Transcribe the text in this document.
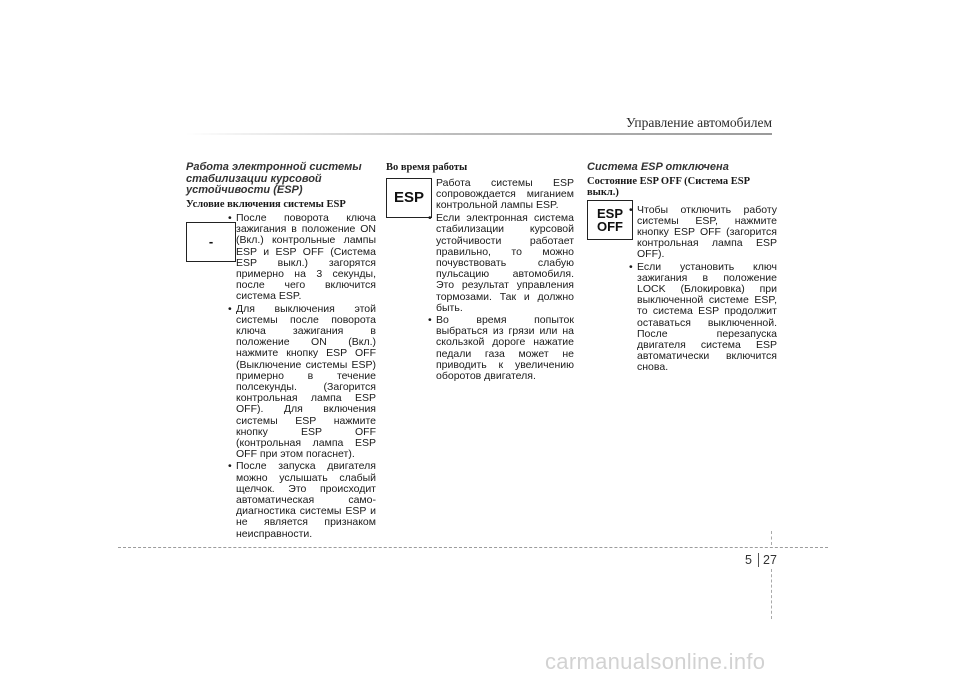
Управление автомобилем
Работа электронной системы стабилизации курсовой устойчивости (ESP)
Условие включения системы ESP
-
• После поворота ключа зажигания в положение ON (Вкл.) контрольные лампы ESP и ESP OFF (Система ESP выкл.) загорятся примерно на 3 секунды, после чего включится система ESP.
• Для выключения этой системы после поворота ключа зажигания в положение ON (Вкл.) нажмите кнопку ESP OFF (Выключение системы ESP) примерно в течение полсекунды. (Загорится контрольная лампа ESP OFF). Для включения системы ESP нажмите кнопку ESP OFF (контрольная лампа ESP OFF при этом погаснет).
• После запуска двигателя можно услышать слабый щелчок. Это происходит автоматическая само-диагностика системы ESP и не является признаком неисправности.
Во время работы
ESP
Работа системы ESP сопровождается миганием контрольной лампы ESP.
• Если электронная система стабилизации курсовой устойчивости работает правильно, то можно почувствовать слабую пульсацию автомобиля. Это результат управления тормозами. Так и должно быть.
• Во время попыток выбраться из грязи или на скользкой дороге нажатие педали газа может не приводить к увеличению оборотов двигателя.
Система ESP отключена
Состояние ESP OFF (Система ESP выкл.)
ESP
OFF
• Чтобы отключить работу системы ESP, нажмите кнопку ESP OFF (загорится контрольная лампа ESP OFF).
• Если установить ключ зажигания в положение LOCK (Блокировка) при выключенной системе ESP, то система ESP продолжит оставаться выключенной. После перезапуска двигателя система ESP автоматически включится снова.
5 27
carmanualsonline.info
